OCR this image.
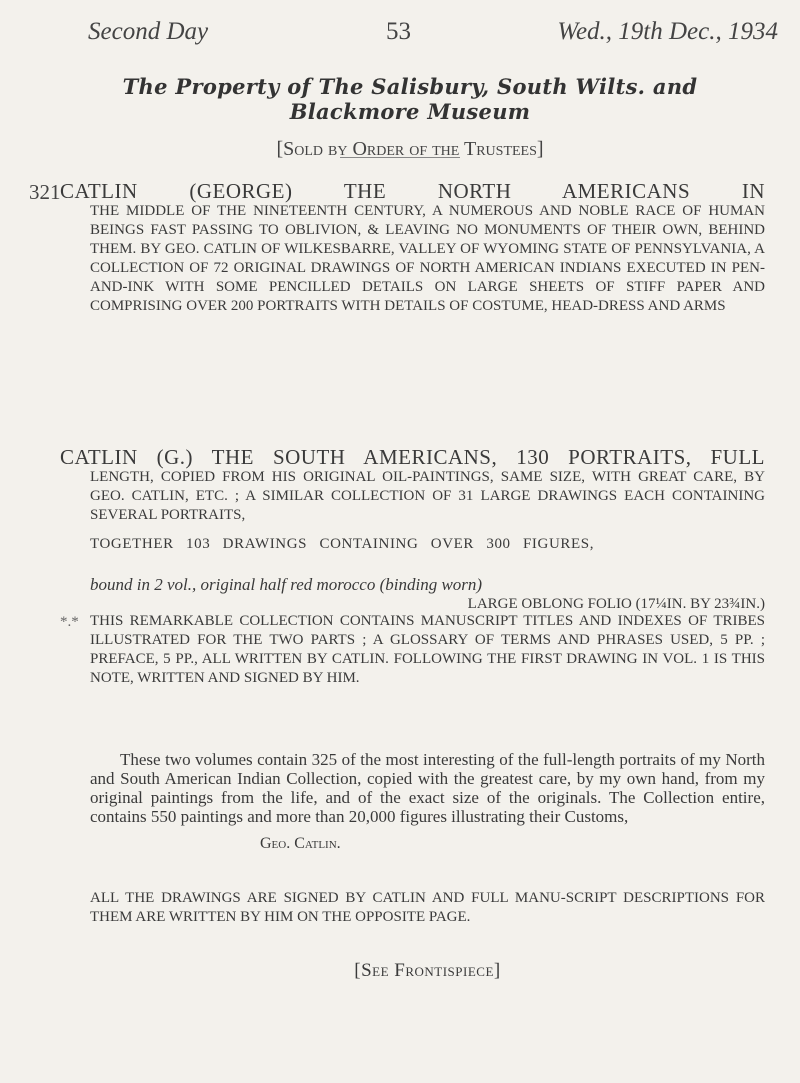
Second Day	53	Wed., 19th Dec., 1934
The Property of The Salisbury, South Wilts. and Blackmore Museum
[Sold by Order of the Trustees]
321 CATLIN (GEORGE) THE NORTH AMERICANS IN
THE MIDDLE OF THE NINETEENTH CENTURY, A NUMEROUS AND NOBLE RACE OF HUMAN BEINGS FAST PASSING TO OBLIVION, & LEAVING NO MONUMENTS OF THEIR OWN, BEHIND THEM. BY GEO. CATLIN OF WILKESBARRE, VALLEY OF WYOMING STATE OF PENNSYLVANIA, A COLLECTION OF 72 ORIGINAL DRAWINGS OF NORTH AMERICAN INDIANS EXECUTED IN PEN-AND-INK WITH SOME PENCILLED DETAILS ON LARGE SHEETS OF STIFF PAPER AND COMPRISING OVER 200 PORTRAITS WITH DETAILS OF COSTUME, HEAD-DRESS AND ARMS
CATLIN (G.) THE SOUTH AMERICANS, 130 PORTRAITS, FULL
LENGTH, COPIED FROM HIS ORIGINAL OIL-PAINTINGS, SAME SIZE, WITH GREAT CARE, BY GEO. CATLIN, ETC. ; A SIMILAR COLLECTION OF 31 LARGE DRAWINGS EACH CONTAINING SEVERAL PORTRAITS,
TOGETHER 103 DRAWINGS CONTAINING OVER 300 FIGURES,
bound in 2 vol., original half red morocco (binding worn)
LARGE OBLONG FOLIO (17¼IN. BY 23¾IN.)
*.* THIS REMARKABLE COLLECTION CONTAINS MANUSCRIPT TITLES AND INDEXES OF TRIBES ILLUSTRATED FOR THE TWO PARTS ; A GLOSSARY OF TERMS AND PHRASES USED, 5 PP. ; PREFACE, 5 PP., ALL WRITTEN BY CATLIN. FOLLOWING THE FIRST DRAWING IN VOL. 1 IS THIS NOTE, WRITTEN AND SIGNED BY HIM.
These two volumes contain 325 of the most interesting of the full-length portraits of my North and South American Indian Collection, copied with the greatest care, by my own hand, from my original paintings from the life, and of the exact size of the originals. The Collection entire, contains 550 paintings and more than 20,000 figures illustrating their Customs,
Geo. Catlin.
ALL THE DRAWINGS ARE SIGNED BY CATLIN AND FULL MANU-SCRIPT DESCRIPTIONS FOR THEM ARE WRITTEN BY HIM ON THE OPPOSITE PAGE.
[See Frontispiece]
